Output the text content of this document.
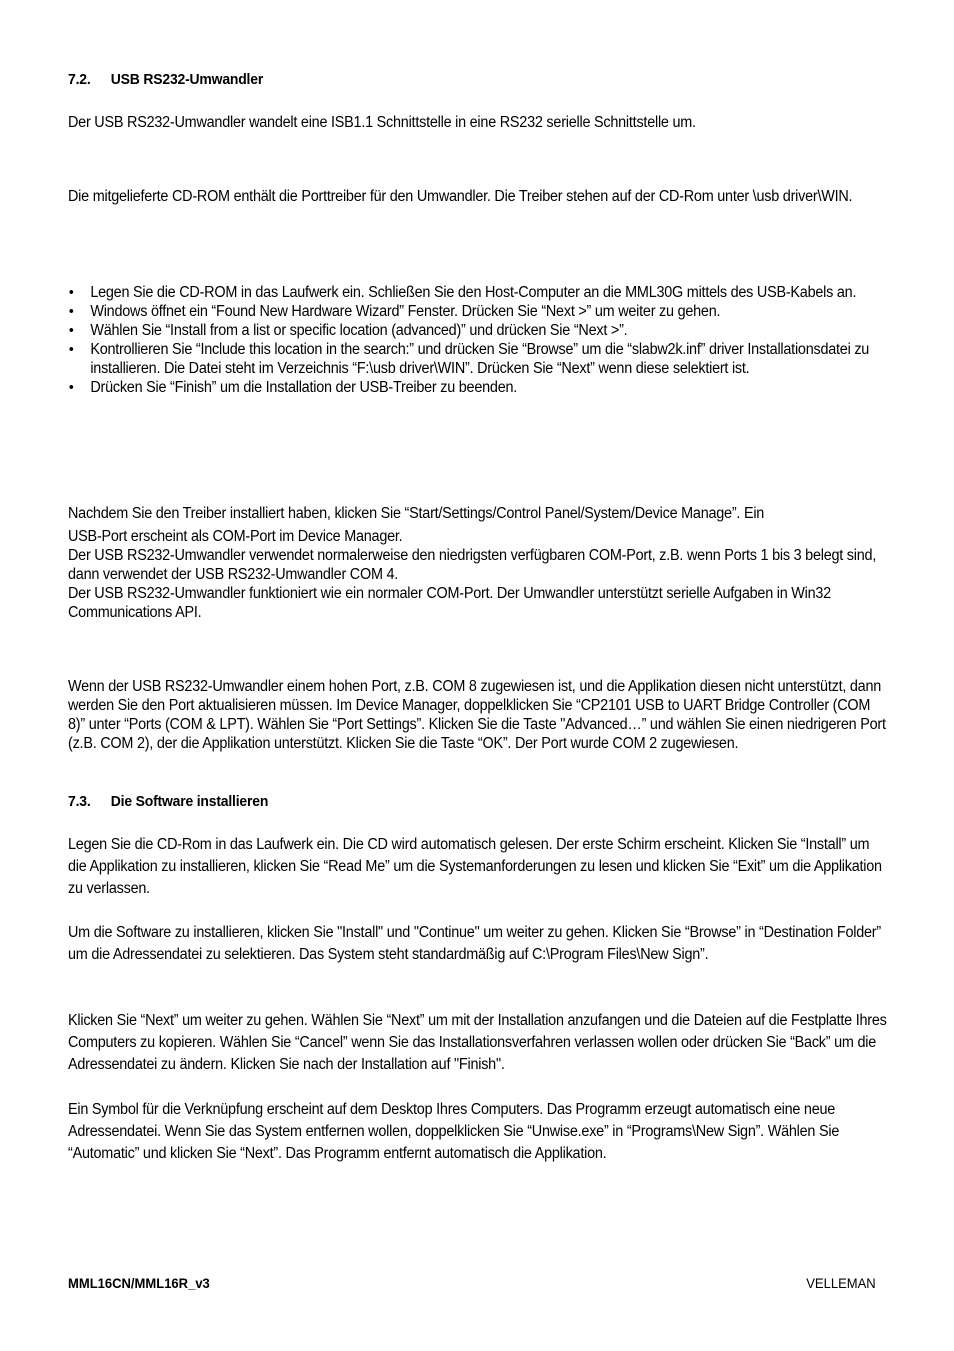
7.2. USB RS232-Umwandler

Der USB RS232-Umwandler wandelt eine ISB1.1 Schnittstelle in eine RS232 serielle Schnittstelle um.

Die mitgelieferte CD-ROM enthält die Porttreiber für den Umwandler. Die Treiber stehen auf der CD-Rom unter \usb driver\WIN.

• Legen Sie die CD-ROM in das Laufwerk ein. Schließen Sie den Host-Computer an die MML30G mittels des USB-Kabels an.
• Windows öffnet ein “Found New Hardware Wizard” Fenster. Drücken Sie “Next >” um weiter zu gehen.
• Wählen Sie “Install from a list or specific location (advanced)” und drücken Sie “Next >”.
• Kontrollieren Sie “Include this location in the search:” und drücken Sie “Browse” um die “slabw2k.inf” driver Installationsdatei zu installieren. Die Datei steht im Verzeichnis “F:\usb driver\WIN”. Drücken Sie “Next” wenn diese selektiert ist.
• Drücken Sie “Finish” um die Installation der USB-Treiber zu beenden.

Nachdem Sie den Treiber installiert haben, klicken Sie “Start/Settings/Control Panel/System/Device Manage”. Ein

USB-Port erscheint als COM-Port im Device Manager.

Der USB RS232-Umwandler verwendet normalerweise den niedrigsten verfügbaren COM-Port, z.B. wenn Ports 1 bis 3 belegt sind, dann verwendet der USB RS232-Umwandler COM 4.

Der USB RS232-Umwandler funktioniert wie ein normaler COM-Port. Der Umwandler unterstützt serielle Aufgaben in Win32 Communications API.

Wenn der USB RS232-Umwandler einem hohen Port, z.B. COM 8 zugewiesen ist, und die Applikation diesen nicht unterstützt, dann werden Sie den Port aktualisieren müssen. Im Device Manager, doppelklicken Sie “CP2101 USB to UART Bridge Controller (COM 8)” unter “Ports (COM & LPT). Wählen Sie “Port Settings”. Klicken Sie die Taste "Advanced…” und wählen Sie einen niedrigeren Port (z.B. COM 2), der die Applikation unterstützt. Klicken Sie die Taste “OK”. Der Port wurde COM 2 zugewiesen.

7.3. Die Software installieren

Legen Sie die CD-Rom in das Laufwerk ein. Die CD wird automatisch gelesen. Der erste Schirm erscheint. Klicken Sie “Install” um die Applikation zu installieren, klicken Sie “Read Me” um die Systemanforderungen zu lesen und klicken Sie “Exit” um die Applikation zu verlassen.

Um die Software zu installieren, klicken Sie "Install" und "Continue" um weiter zu gehen. Klicken Sie “Browse” in “Destination Folder” um die Adressendatei zu selektieren. Das System steht standardmäßig auf C:\Program Files\New Sign”.

Klicken Sie “Next” um weiter zu gehen. Wählen Sie “Next” um mit der Installation anzufangen und die Dateien auf die Festplatte Ihres Computers zu kopieren. Wählen Sie “Cancel” wenn Sie das Installationsverfahren verlassen wollen oder drücken Sie “Back” um die Adressendatei zu ändern. Klicken Sie nach der Installation auf "Finish".

Ein Symbol für die Verknüpfung erscheint auf dem Desktop Ihres Computers. Das Programm erzeugt automatisch eine neue Adressendatei. Wenn Sie das System entfernen wollen, doppelklicken Sie “Unwise.exe” in “Programs\New Sign”. Wählen Sie “Automatic” und klicken Sie “Next”. Das Programm entfernt automatisch die Applikation.

MML16CN/MML16R_v3	VELLEMAN
